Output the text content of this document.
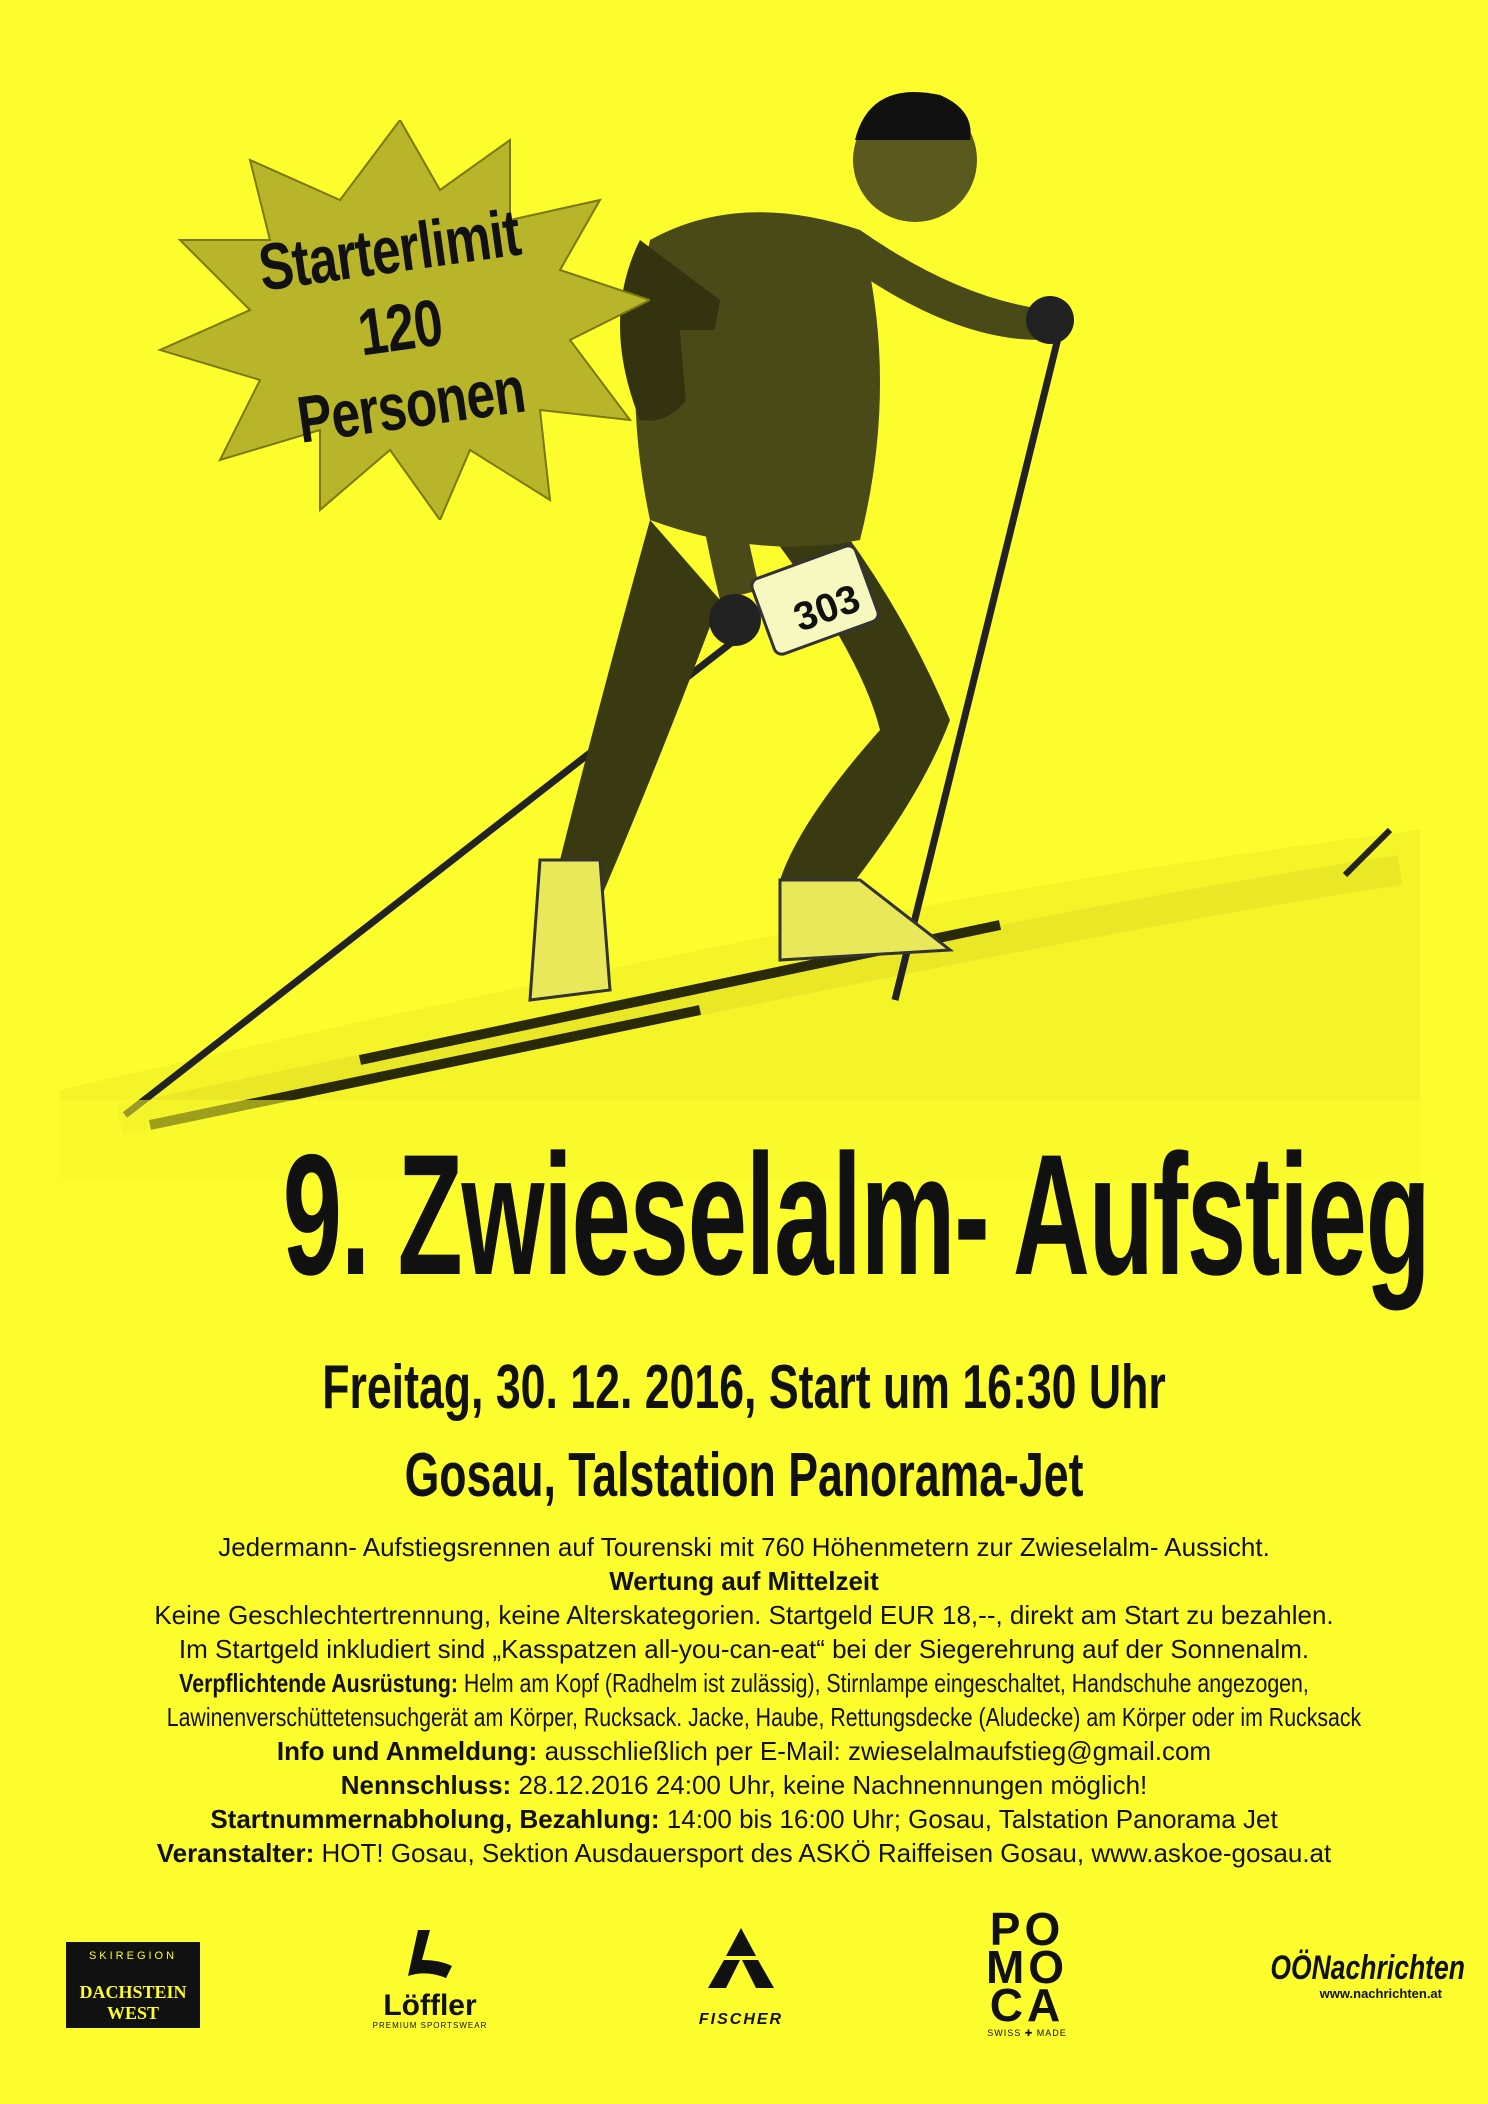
303
Starterlimit
120 Personen
9. Zwieselalm- Aufstieg
Freitag, 30. 12. 2016, Start um 16:30 Uhr
Gosau, Talstation Panorama-Jet
Jedermann- Aufstiegsrennen auf Tourenski mit 760 Höhenmetern zur Zwieselalm- Aussicht.
Wertung auf Mittelzeit
Keine Geschlechtertrennung, keine Alterskategorien. Startgeld EUR 18,--, direkt am Start zu bezahlen.
Im Startgeld inkludiert sind „Kasspatzen all-you-can-eat“ bei der Siegerehrung auf der Sonnenalm.
Verpflichtende Ausrüstung: Helm am Kopf (Radhelm ist zulässig), Stirnlampe eingeschaltet, Handschuhe angezogen,
Lawinenverschüttetensuchgerät am Körper, Rucksack. Jacke, Haube, Rettungsdecke (Aludecke) am Körper oder im Rucksack
Info und Anmeldung: ausschließlich per E-Mail: zwieselalmaufstieg@gmail.com
Nennschluss: 28.12.2016 24:00 Uhr, keine Nachnennungen möglich!
Startnummernabholung, Bezahlung: 14:00 bis 16:00 Uhr; Gosau, Talstation Panorama Jet
Veranstalter: HOT! Gosau, Sektion Ausdauersport des ASKÖ Raiffeisen Gosau, www.askoe-gosau.at
SKIREGION
DACHSTEIN WEST
GOSAU · RUSSBACH · ANNABERG
Löffler
PREMIUM SPORTSWEAR	FISCHER
PO
MO
CA
SWISS ✚ MADE
OÖNachrichten
www.nachrichten.at
